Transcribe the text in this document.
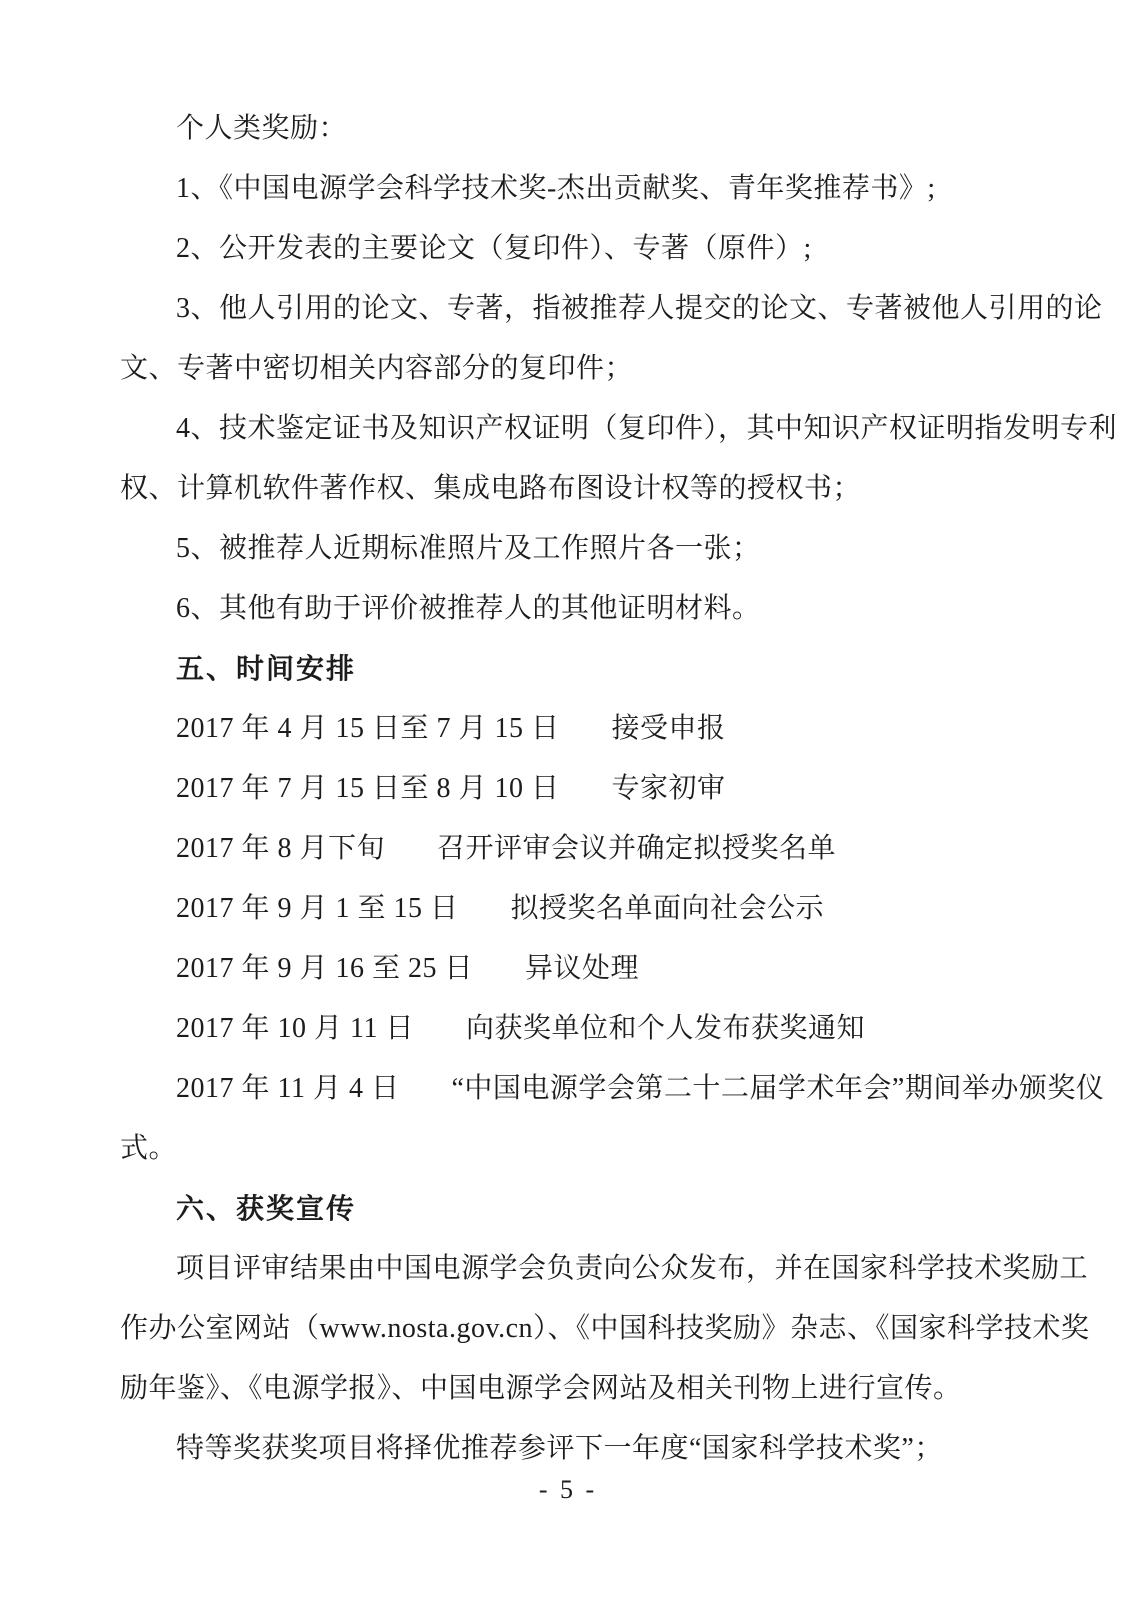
个人类奖励：
1、《中国电源学会科学技术奖-杰出贡献奖、青年奖推荐书》;
2、公开发表的主要论文（复印件）、专著（原件）;
3、他人引用的论文、专著，指被推荐人提交的论文、专著被他人引用的论
文、专著中密切相关内容部分的复印件；
4、技术鉴定证书及知识产权证明（复印件），其中知识产权证明指发明专利
权、计算机软件著作权、集成电路布图设计权等的授权书；
5、被推荐人近期标准照片及工作照片各一张；
6、其他有助于评价被推荐人的其他证明材料。
五、时间安排
2017 年 4 月 15 日至 7 月 15 日 接受申报
2017 年 7 月 15 日至 8 月 10 日 专家初审
2017 年 8 月下旬 召开评审会议并确定拟授奖名单
2017 年 9 月 1 至 15 日 拟授奖名单面向社会公示
2017 年 9 月 16 至 25 日 异议处理
2017 年 10 月 11 日 向获奖单位和个人发布获奖通知
2017 年 11 月 4 日 “中国电源学会第二十二届学术年会”期间举办颁奖仪
式。
六、获奖宣传
项目评审结果由中国电源学会负责向公众发布，并在国家科学技术奖励工
作办公室网站（www.nosta.gov.cn）、《中国科技奖励》杂志、《国家科学技术奖
励年鉴》、《电源学报》、中国电源学会网站及相关刊物上进行宣传。
特等奖获奖项目将择优推荐参评下一年度“国家科学技术奖”；
- 5 -
